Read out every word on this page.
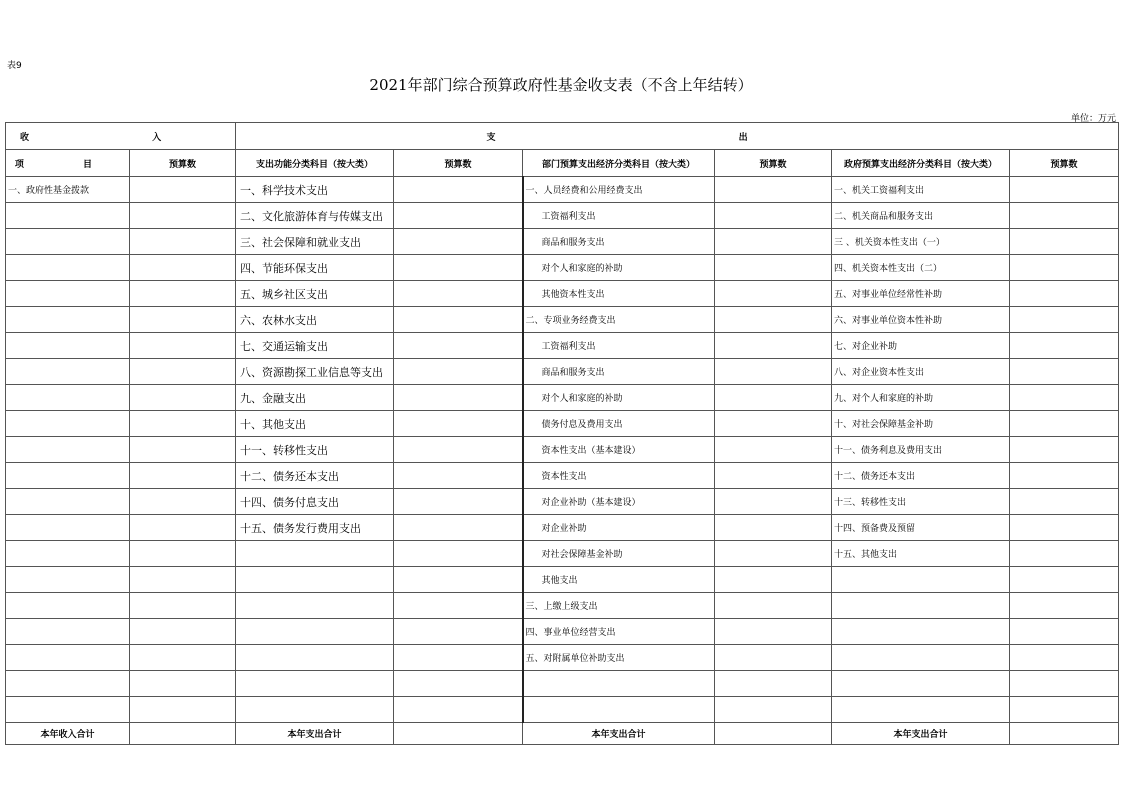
表9
2021年部门综合预算政府性基金收支表（不含上年结转）
单位：万元
收 入		支 出					
项 目	预算数	支出功能分类科目（按大类）	预算数	部门预算支出经济分类科目（按大类）	预算数	政府预算支出经济分类科目（按大类）	预算数
一、政府性基金拨款		一、科学技术支出		一、人员经费和公用经费支出		一、机关工资福利支出	
		二、文化旅游体育与传媒支出		工资福利支出		二、机关商品和服务支出	
		三、社会保障和就业支出		商品和服务支出		三 、机关资本性支出（一）	
		四、节能环保支出		对个人和家庭的补助		四、机关资本性支出（二）	
		五、城乡社区支出		其他资本性支出		五、对事业单位经常性补助	
		六、农林水支出		二、专项业务经费支出		六、对事业单位资本性补助	
		七、交通运输支出		工资福利支出		七、对企业补助	
		八、资源勘探工业信息等支出		商品和服务支出		八、对企业资本性支出	
		九、金融支出		对个人和家庭的补助		九、对个人和家庭的补助	
		十、其他支出		债务付息及费用支出		十、对社会保障基金补助	
		十一、转移性支出		资本性支出（基本建设）		十一、债务利息及费用支出	
		十二、债务还本支出		资本性支出		十二、债务还本支出	
		十四、债务付息支出		对企业补助（基本建设）		十三、转移性支出	
		十五、债务发行费用支出		对企业补助		十四、预备费及预留	
				对社会保障基金补助		十五、其他支出	
				其他支出			
				三、上缴上级支出			
				四、事业单位经营支出			
				五、对附属单位补助支出			

本年收入合计		本年支出合计		本年支出合计		本年支出合计	
